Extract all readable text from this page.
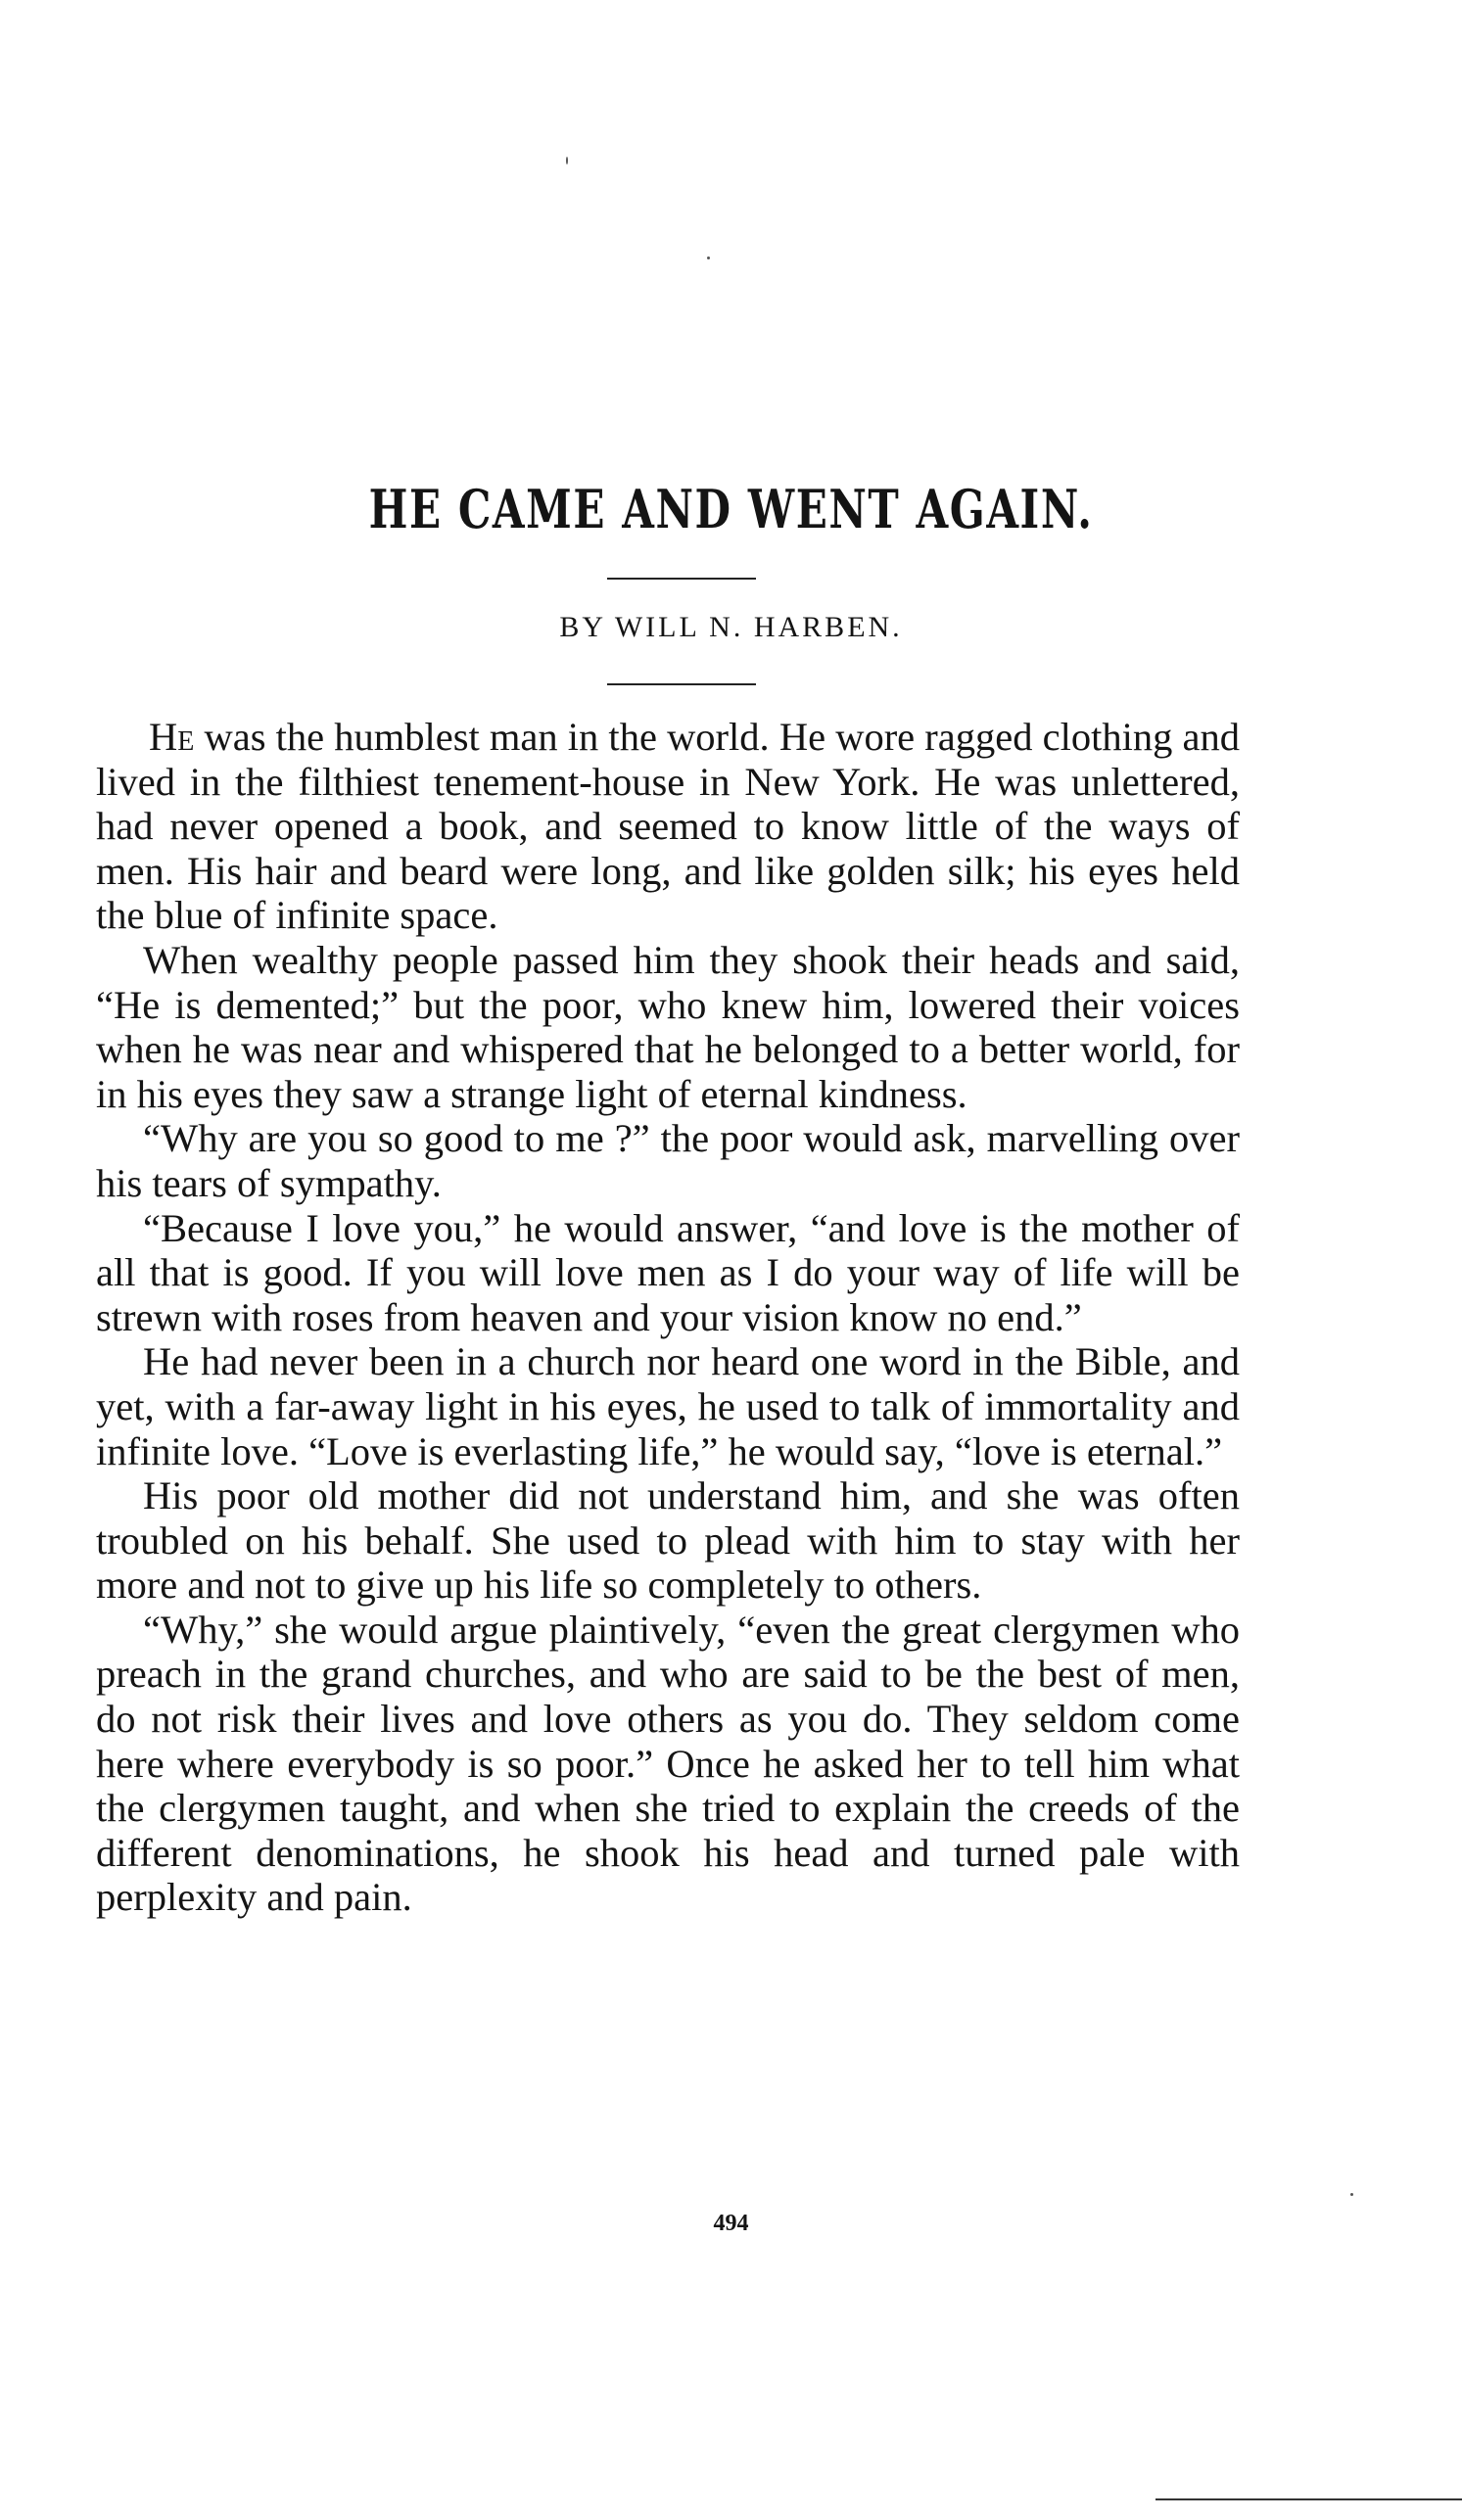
HE CAME AND WENT AGAIN.

BY WILL N. HARBEN.

He was the humblest man in the world. He wore ragged clothing and lived in the filthiest tenement-house in New York. He was unlettered, had never opened a book, and seemed to know little of the ways of men. His hair and beard were long, and like golden silk; his eyes held the blue of infinite space.

When wealthy people passed him they shook their heads and said, “He is demented;” but the poor, who knew him, lowered their voices when he was near and whispered that he belonged to a better world, for in his eyes they saw a strange light of eternal kindness.

“Why are you so good to me ?” the poor would ask, marvelling over his tears of sympathy.

“Because I love you,” he would answer, “and love is the mother of all that is good. If you will love men as I do your way of life will be strewn with roses from heaven and your vision know no end.”

He had never been in a church nor heard one word in the Bible, and yet, with a far-away light in his eyes, he used to talk of immortality and infinite love. “Love is everlasting life,” he would say, “love is eternal.”

His poor old mother did not understand him, and she was often troubled on his behalf. She used to plead with him to stay with her more and not to give up his life so completely to others.

“Why,” she would argue plaintively, “even the great clergymen who preach in the grand churches, and who are said to be the best of men, do not risk their lives and love others as you do. They seldom come here where everybody is so poor.” Once he asked her to tell him what the clergymen taught, and when she tried to explain the creeds of the different denominations, he shook his head and turned pale with perplexity and pain.

494
